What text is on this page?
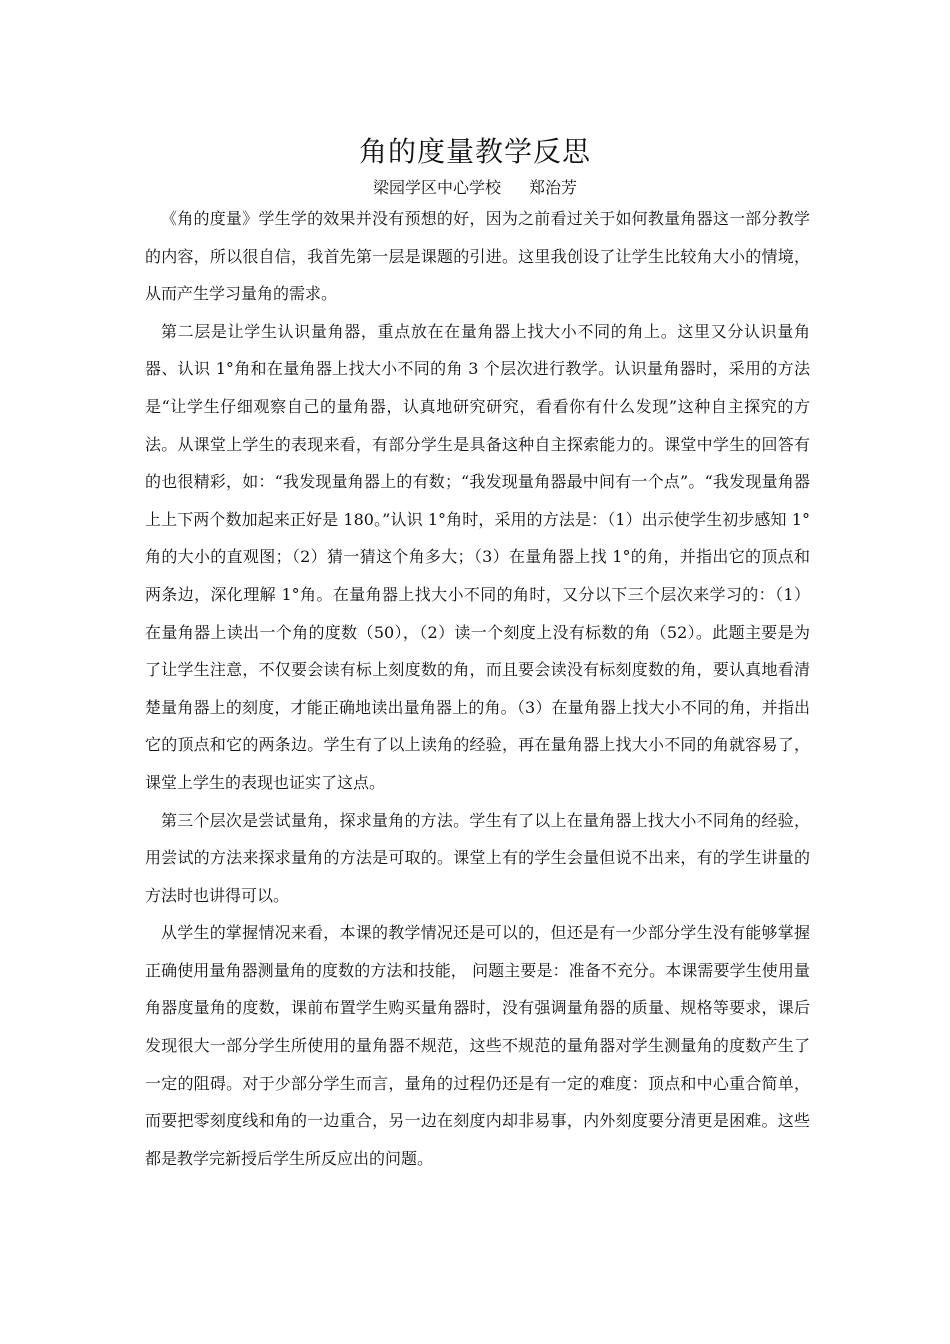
角的度量教学反思
梁园学区中心学校 郑治芳

《角的度量》学生学的效果并没有预想的好，因为之前看过关于如何教量角器这一部分教学的内容，所以很自信，我首先第一层是课题的引进。这里我创设了让学生比较角大小的情境，从而产生学习量角的需求。

第二层是让学生认识量角器，重点放在在量角器上找大小不同的角上。这里又分认识量角器、认识 1°角和在量角器上找大小不同的角 3 个层次进行教学。认识量角器时，采用的方法是“让学生仔细观察自己的量角器，认真地研究研究，看看你有什么发现”这种自主探究的方法。从课堂上学生的表现来看，有部分学生是具备这种自主探索能力的。课堂中学生的回答有的也很精彩，如：“我发现量角器上的有数；“我发现量角器最中间有一个点”。“我发现量角器上上下两个数加起来正好是 180。”认识 1°角时，采用的方法是：（1）出示使学生初步感知 1°角的大小的直观图；（2）猜一猜这个角多大；（3）在量角器上找 1°的角，并指出它的顶点和两条边，深化理解 1°角。在量角器上找大小不同的角时，又分以下三个层次来学习的：（1）在量角器上读出一个角的度数（50），（2）读一个刻度上没有标数的角（52）。此题主要是为了让学生注意，不仅要会读有标上刻度数的角，而且要会读没有标刻度数的角，要认真地看清楚量角器上的刻度，才能正确地读出量角器上的角。（3）在量角器上找大小不同的角，并指出它的顶点和它的两条边。学生有了以上读角的经验，再在量角器上找大小不同的角就容易了，课堂上学生的表现也证实了这点。

第三个层次是尝试量角，探求量角的方法。学生有了以上在量角器上找大小不同角的经验，用尝试的方法来探求量角的方法是可取的。课堂上有的学生会量但说不出来，有的学生讲量的方法时也讲得可以。

从学生的掌握情况来看，本课的教学情况还是可以的，但还是有一少部分学生没有能够掌握正确使用量角器测量角的度数的方法和技能， 问题主要是：准备不充分。本课需要学生使用量角器度量角的度数，课前布置学生购买量角器时，没有强调量角器的质量、规格等要求，课后发现很大一部分学生所使用的量角器不规范，这些不规范的量角器对学生测量角的度数产生了一定的阻碍。对于少部分学生而言，量角的过程仍还是有一定的难度：顶点和中心重合简单，而要把零刻度线和角的一边重合，另一边在刻度内却非易事，内外刻度要分清更是困难。这些都是教学完新授后学生所反应出的问题。
